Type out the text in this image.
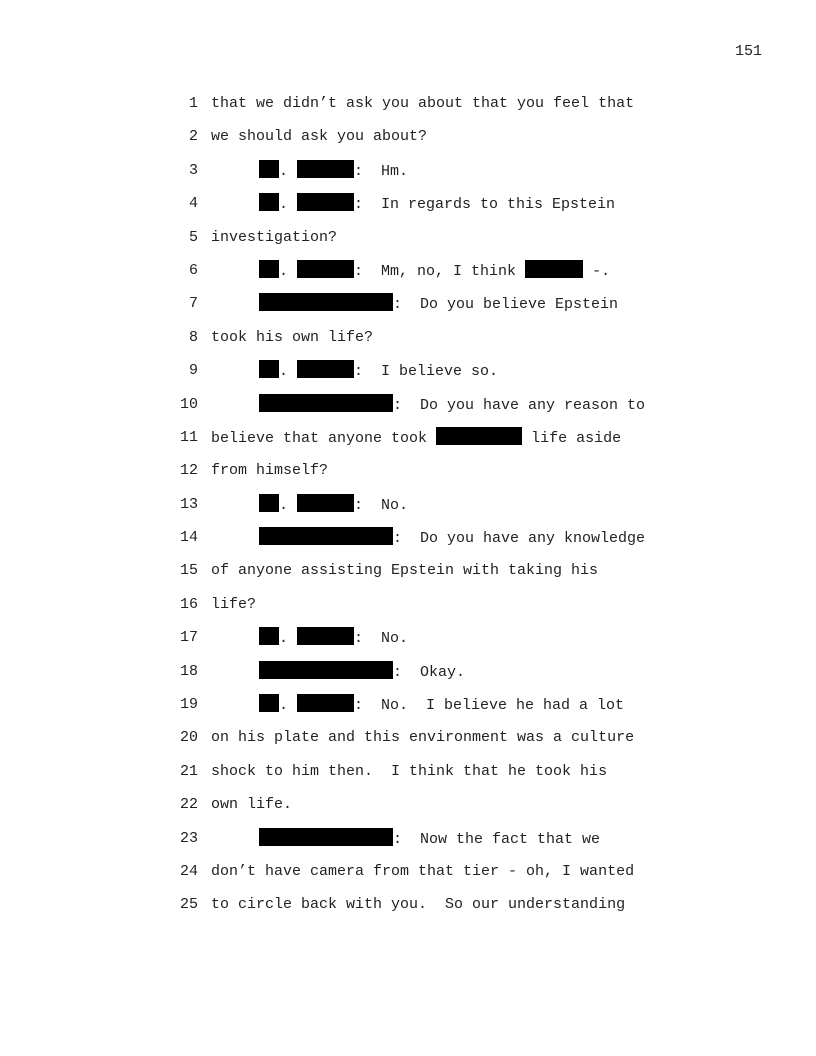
151
1 that we didn’t ask you about that you feel that
2 we should ask you about?
3	.	:  Hm.
4	.	:  In regards to this Epstein
5 investigation?
6	.	:  Mm, no, I think	-.
7	:  Do you believe Epstein
8 took his own life?
9	.	:  I believe so.
10	:  Do you have any reason to
11 believe that anyone took	life aside
12 from himself?
13	.	:  No.
14	:  Do you have any knowledge
15 of anyone assisting Epstein with taking his
16 life?
17	.	:  No.
18	:  Okay.
19	.	:  No.  I believe he had a lot
20 on his plate and this environment was a culture
21 shock to him then.  I think that he took his
22 own life.
23	:  Now the fact that we
24 don’t have camera from that tier - oh, I wanted
25 to circle back with you.  So our understanding
